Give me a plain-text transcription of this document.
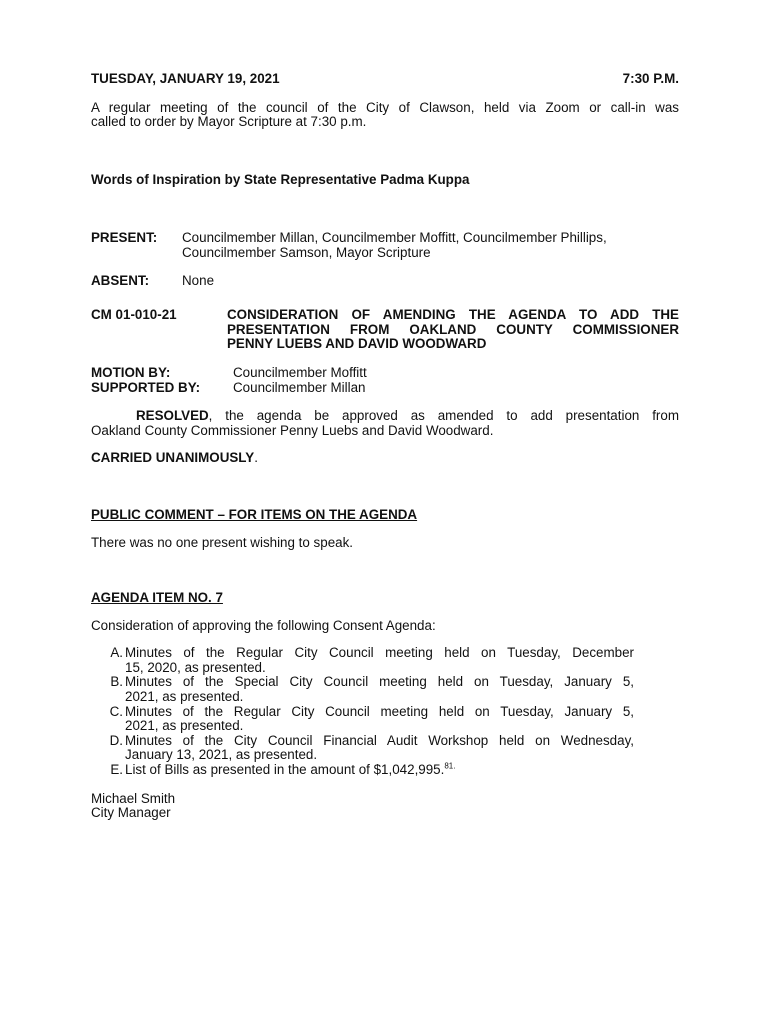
TUESDAY, JANUARY 19, 2021	7:30 P.M.
A regular meeting of the council of the City of Clawson, held via Zoom or call-in was
called to order by Mayor Scripture at 7:30 p.m.
Words of Inspiration by State Representative Padma Kuppa
PRESENT:	Councilmember Millan, Councilmember Moffitt, Councilmember Phillips,
Councilmember Samson, Mayor Scripture
ABSENT:	None
CM 01-010-21	CONSIDERATION OF AMENDING THE AGENDA TO ADD THE
PRESENTATION FROM OAKLAND COUNTY COMMISSIONER
PENNY LUEBS AND DAVID WOODWARD
MOTION BY:	Councilmember Moffitt
SUPPORTED BY:	Councilmember Millan
RESOLVED, the agenda be approved as amended to add presentation from
Oakland County Commissioner Penny Luebs and David Woodward.
CARRIED UNANIMOUSLY.
PUBLIC COMMENT – FOR ITEMS ON THE AGENDA
There was no one present wishing to speak.
AGENDA ITEM NO. 7
Consideration of approving the following Consent Agenda:
A. Minutes of the Regular City Council meeting held on Tuesday, December
15, 2020, as presented.
B. Minutes of the Special City Council meeting held on Tuesday, January 5,
2021, as presented.
C. Minutes of the Regular City Council meeting held on Tuesday, January 5,
2021, as presented.
D. Minutes of the City Council Financial Audit Workshop held on Wednesday,
January 13, 2021, as presented.
E. List of Bills as presented in the amount of $1,042,995.$^{81.}$
Michael Smith
City Manager
